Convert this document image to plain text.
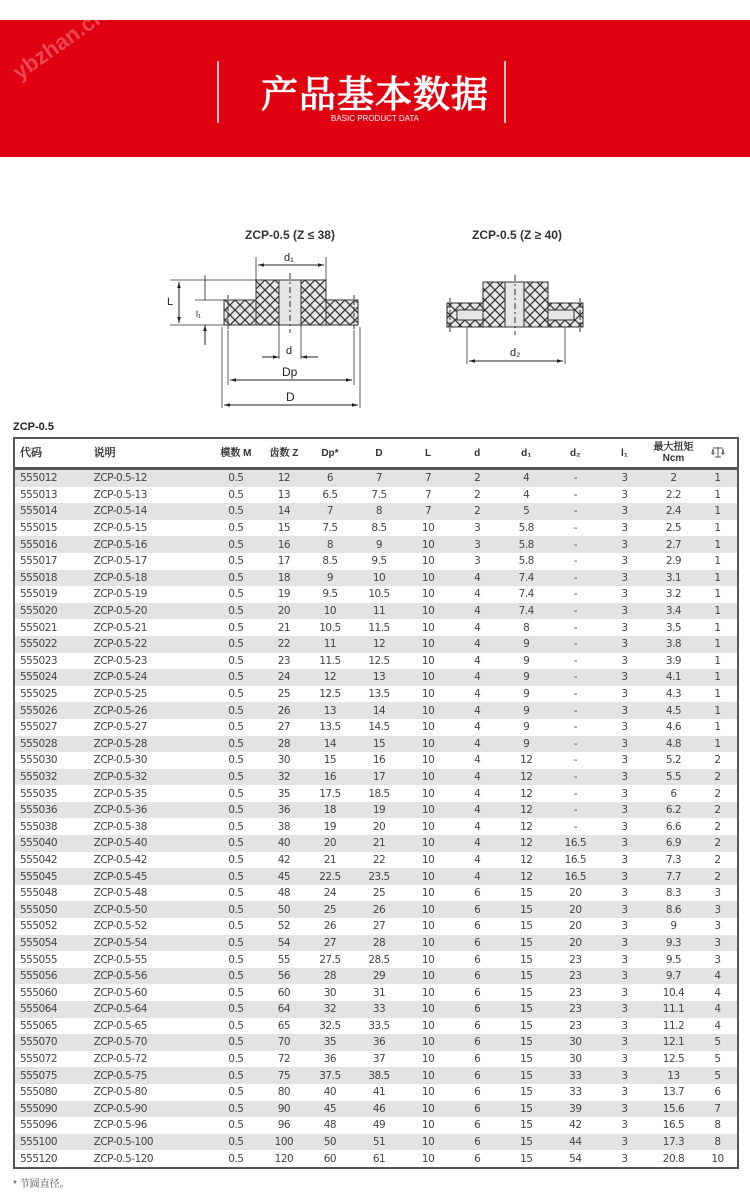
ybzhan.cn
产品基本数据
BASIC PRODUCT DATA
ZCP-0.5 (Z ≤ 38)
d₁
L
l₁
d
Dp
D
ZCP-0.5 (Z ≥ 40)
d₂
ZCP-0.5
代码	说明	模数 M	齿数 Z	Dp*	D	L	d	d₁	d₂	l₁	最大扭矩
Ncm

555012	ZCP-0.5-12	0.5	12	6	7	7	2	4	-	3	2	1
555013	ZCP-0.5-13	0.5	13	6.5	7.5	7	2	4	-	3	2.2	1
555014	ZCP-0.5-14	0.5	14	7	8	7	2	5	-	3	2.4	1
555015	ZCP-0.5-15	0.5	15	7.5	8.5	10	3	5.8	-	3	2.5	1
555016	ZCP-0.5-16	0.5	16	8	9	10	3	5.8	-	3	2.7	1
555017	ZCP-0.5-17	0.5	17	8.5	9.5	10	3	5.8	-	3	2.9	1
555018	ZCP-0.5-18	0.5	18	9	10	10	4	7.4	-	3	3.1	1
555019	ZCP-0.5-19	0.5	19	9.5	10.5	10	4	7.4	-	3	3.2	1
555020	ZCP-0.5-20	0.5	20	10	11	10	4	7.4	-	3	3.4	1
555021	ZCP-0.5-21	0.5	21	10.5	11.5	10	4	8	-	3	3.5	1
555022	ZCP-0.5-22	0.5	22	11	12	10	4	9	-	3	3.8	1
555023	ZCP-0.5-23	0.5	23	11.5	12.5	10	4	9	-	3	3.9	1
555024	ZCP-0.5-24	0.5	24	12	13	10	4	9	-	3	4.1	1
555025	ZCP-0.5-25	0.5	25	12.5	13.5	10	4	9	-	3	4.3	1
555026	ZCP-0.5-26	0.5	26	13	14	10	4	9	-	3	4.5	1
555027	ZCP-0.5-27	0.5	27	13.5	14.5	10	4	9	-	3	4.6	1
555028	ZCP-0.5-28	0.5	28	14	15	10	4	9	-	3	4.8	1
555030	ZCP-0.5-30	0.5	30	15	16	10	4	12	-	3	5.2	2
555032	ZCP-0.5-32	0.5	32	16	17	10	4	12	-	3	5.5	2
555035	ZCP-0.5-35	0.5	35	17.5	18.5	10	4	12	-	3	6	2
555036	ZCP-0.5-36	0.5	36	18	19	10	4	12	-	3	6.2	2
555038	ZCP-0.5-38	0.5	38	19	20	10	4	12	-	3	6.6	2
555040	ZCP-0.5-40	0.5	40	20	21	10	4	12	16.5	3	6.9	2
555042	ZCP-0.5-42	0.5	42	21	22	10	4	12	16.5	3	7.3	2
555045	ZCP-0.5-45	0.5	45	22.5	23.5	10	4	12	16.5	3	7.7	2
555048	ZCP-0.5-48	0.5	48	24	25	10	6	15	20	3	8.3	3
555050	ZCP-0.5-50	0.5	50	25	26	10	6	15	20	3	8.6	3
555052	ZCP-0.5-52	0.5	52	26	27	10	6	15	20	3	9	3
555054	ZCP-0.5-54	0.5	54	27	28	10	6	15	20	3	9.3	3
555055	ZCP-0.5-55	0.5	55	27.5	28.5	10	6	15	23	3	9.5	3
555056	ZCP-0.5-56	0.5	56	28	29	10	6	15	23	3	9.7	4
555060	ZCP-0.5-60	0.5	60	30	31	10	6	15	23	3	10.4	4
555064	ZCP-0.5-64	0.5	64	32	33	10	6	15	23	3	11.1	4
555065	ZCP-0.5-65	0.5	65	32.5	33.5	10	6	15	23	3	11.2	4
555070	ZCP-0.5-70	0.5	70	35	36	10	6	15	30	3	12.1	5
555072	ZCP-0.5-72	0.5	72	36	37	10	6	15	30	3	12.5	5
555075	ZCP-0.5-75	0.5	75	37.5	38.5	10	6	15	33	3	13	5
555080	ZCP-0.5-80	0.5	80	40	41	10	6	15	33	3	13.7	6
555090	ZCP-0.5-90	0.5	90	45	46	10	6	15	39	3	15.6	7
555096	ZCP-0.5-96	0.5	96	48	49	10	6	15	42	3	16.5	8
555100	ZCP-0.5-100	0.5	100	50	51	10	6	15	44	3	17.3	8
555120	ZCP-0.5-120	0.5	120	60	61	10	6	15	54	3	20.8	10
* 节圆直径。
